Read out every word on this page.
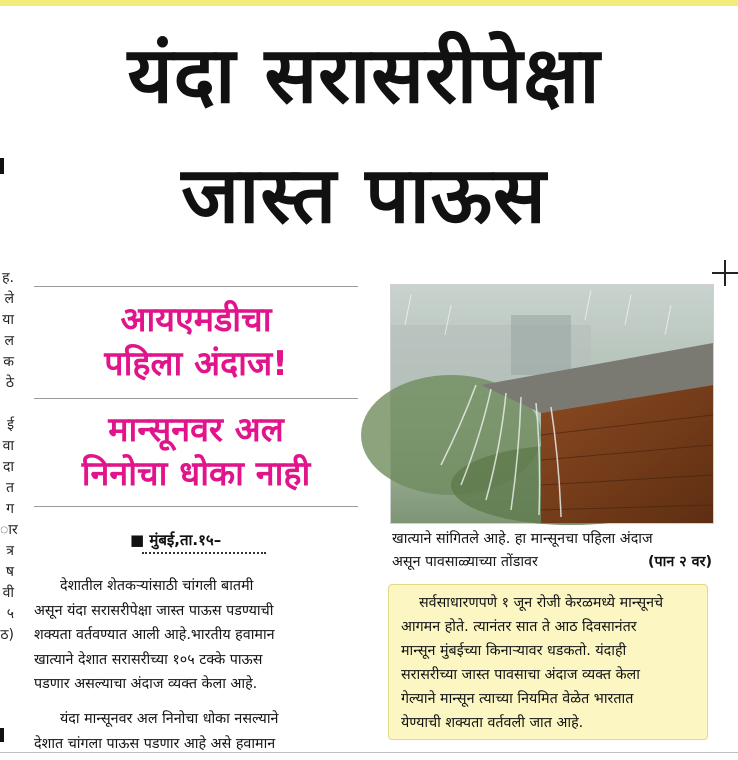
यंदा सरासरीपेक्षा
जास्त पाऊस
ह.
ले
या
ल
क
ठे
ई
वा
दा
त
ग
ार
त्र
ष
वी
५
ठ)
आयएमडीचा
पहिला अंदाज!
मान्सूनवर अल
निनोचा धोका नाही
■ मुंबई,ता.१५–
देशातील शेतकऱ्यांसाठी चांगली बातमी
असून यंदा सरासरीपेक्षा जास्त पाऊस पडण्याची
शक्यता वर्तवण्यात आली आहे.भारतीय हवामान
खात्याने देशात सरासरीच्या १०५ टक्के पाऊस
पडणार असल्याचा अंदाज व्यक्त केला आहे.
यंदा मान्सूनवर अल निनोचा धोका नसल्याने
देशात चांगला पाऊस पडणार आहे असे हवामान
खात्याने सांगितले आहे. हा मान्सूनचा पहिला अंदाज
असून पावसाळ्याच्या तोंडावर	(पान २ वर)
सर्वसाधारणपणे १ जून रोजी केरळमध्ये मान्सूनचे
आगमन होते. त्यानंतर सात ते आठ दिवसानंतर
मान्सून मुंबईच्या किनाऱ्यावर धडकतो. यंदाही
सरासरीच्या जास्त पावसाचा अंदाज व्यक्त केला
गेल्याने मान्सून त्याच्या नियमित वेळेत भारतात
येण्याची शक्यता वर्तवली जात आहे.
